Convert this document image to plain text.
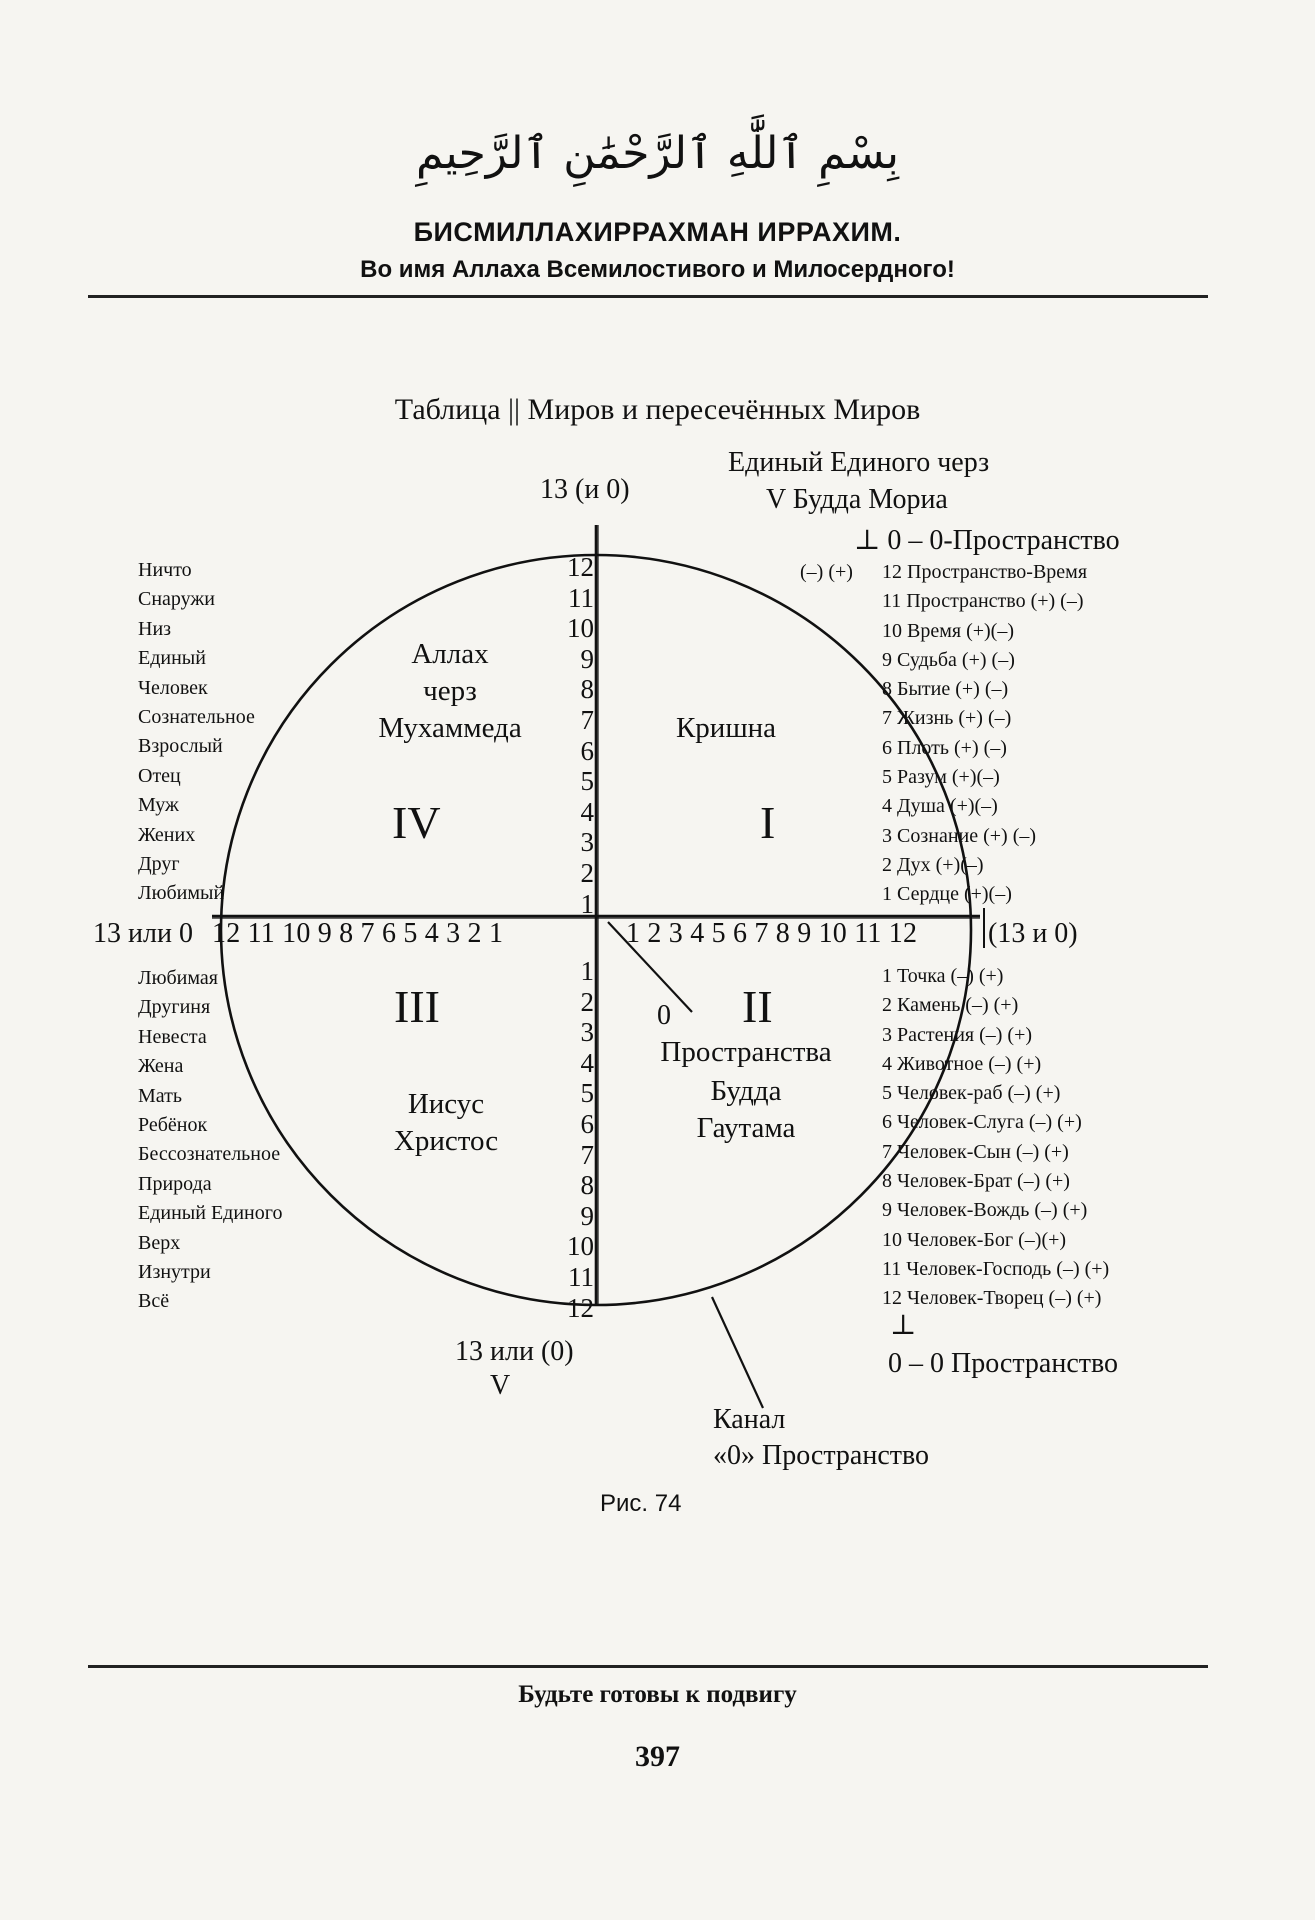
بِسْمِ ٱللَّٰهِ ٱلرَّحْمَٰنِ ٱلرَّحِيمِ
БИСМИЛЛАХИРРАХМАН ИРРАХИМ.
Во имя Аллаха Всемилостивого и Милосердного!
Таблица || Миров и пересечённых Миров
13 (и 0)
Единый Единого черз
V Будда Мориа
⊥ 0 – 0-Пространство
(–) (+)
12
11
10
9
8
7
6
5
4
3
2
1
1
2
3
4
5
6
7
8
9
10
11
12
13 или 0 12 11 10 9 8 7 6 5 4 3 2 1	1 2 3 4 5 6 7 8 9 10 11 12	(13 и 0)
Аллах
черз
Мухаммеда
IV
Кришна
I
III
Иисус
Христос
0 II
Пространства
Будда
Гаутама
Ничто
Снаружи
Низ
Единый
Человек
Сознательное
Взрослый
Отец
Муж
Жених
Друг
Любимый
Любимая
Другиня
Невеста
Жена
Мать
Ребёнок
Бессознательное
Природа
Единый Единого
Верх
Изнутри
Всё
12 Пространство-Время
11 Пространство (+) (–)
10 Время (+)(–)
9 Судьба (+) (–)
8 Бытие (+) (–)
7 Жизнь (+) (–)
6 Плоть (+) (–)
5 Разум (+)(–)
4 Душа (+)(–)
3 Сознание (+) (–)
2 Дух (+)(–)
1 Сердце (+)(–)
1 Точка (–) (+)
2 Камень (–) (+)
3 Растения (–) (+)
4 Животное (–) (+)
5 Человек-раб (–) (+)
6 Человек-Слуга (–) (+)
7 Человек-Сын (–) (+)
8 Человек-Брат (–) (+)
9 Человек-Вождь (–) (+)
10 Человек-Бог (–)(+)
11 Человек-Господь (–) (+)
12 Человек-Творец (–) (+)
⊥
0 – 0 Пространство
13 или (0)
V
Канал
«0» Пространство
Рис. 74
Будьте готовы к подвигу
397
